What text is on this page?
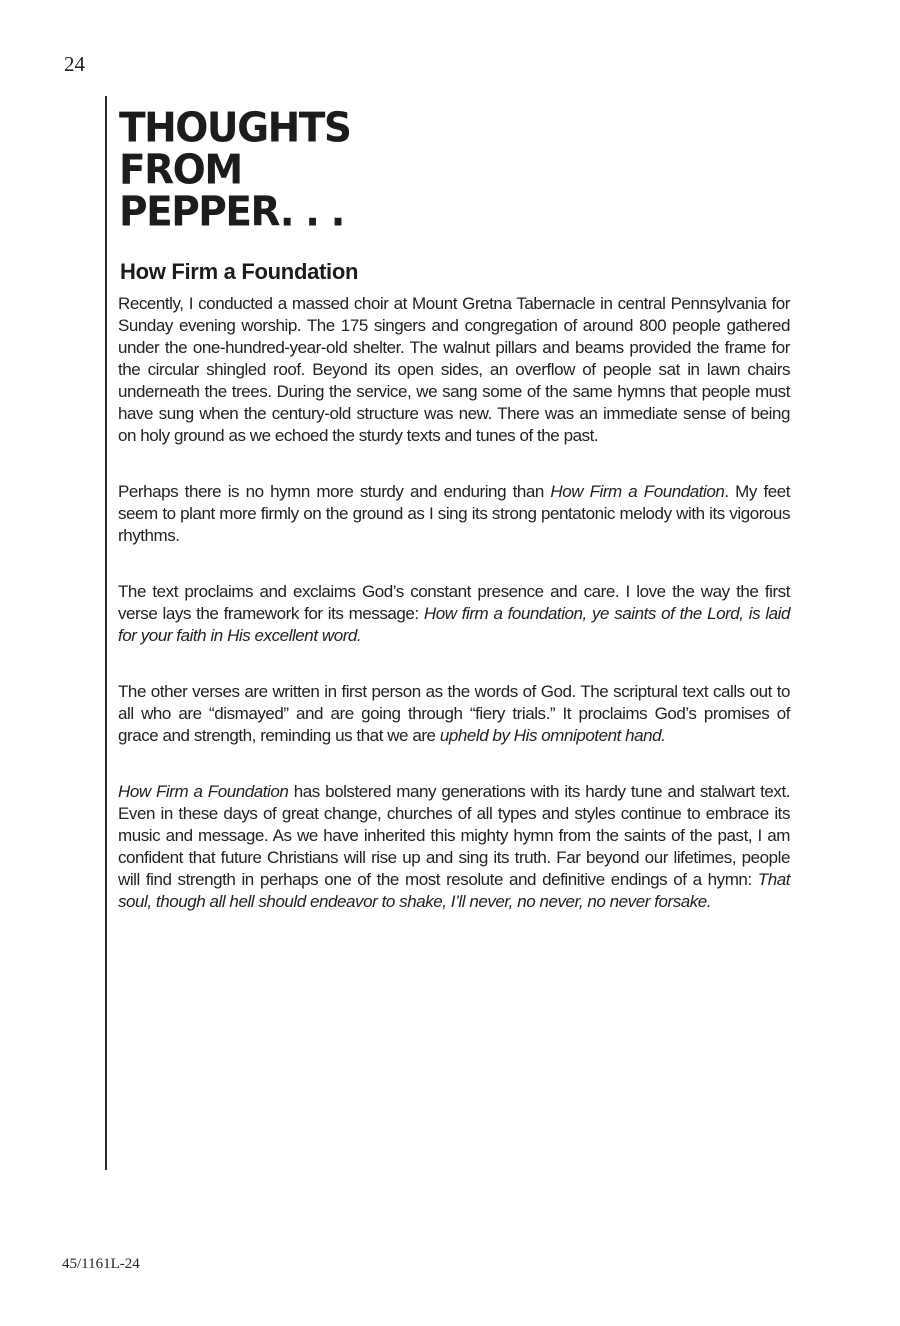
24
THOUGHTS
FROM
PEPPER. . .
How Firm a Foundation

Recently, I conducted a massed choir at Mount Gretna Tabernacle in central Pennsylvania for Sunday evening worship. The 175 singers and congregation of around 800 people gathered under the one-hundred-year-old shelter. The walnut pillars and beams provided the frame for the circular shingled roof. Beyond its open sides, an overflow of people sat in lawn chairs underneath the trees. During the service, we sang some of the same hymns that people must have sung when the century-old structure was new. There was an immediate sense of being on holy ground as we echoed the sturdy texts and tunes of the past.

Perhaps there is no hymn more sturdy and enduring than How Firm a Foundation. My feet seem to plant more firmly on the ground as I sing its strong pentatonic melody with its vigorous rhythms.

The text proclaims and exclaims God’s constant presence and care. I love the way the first verse lays the framework for its message: How firm a foundation, ye saints of the Lord, is laid for your faith in His excellent word.

The other verses are written in first person as the words of God. The scriptural text calls out to all who are “dismayed” and are going through “fiery trials.” It proclaims God’s promises of grace and strength, reminding us that we are upheld by His omnipotent hand.

How Firm a Foundation has bolstered many generations with its hardy tune and stalwart text. Even in these days of great change, churches of all types and styles continue to embrace its music and message. As we have inherited this mighty hymn from the saints of the past, I am confident that future Christians will rise up and sing its truth. Far beyond our lifetimes, people will find strength in perhaps one of the most resolute and definitive endings of a hymn: That soul, though all hell should endeavor to shake, I’ll never, no never, no never forsake.

45/1161L-24
